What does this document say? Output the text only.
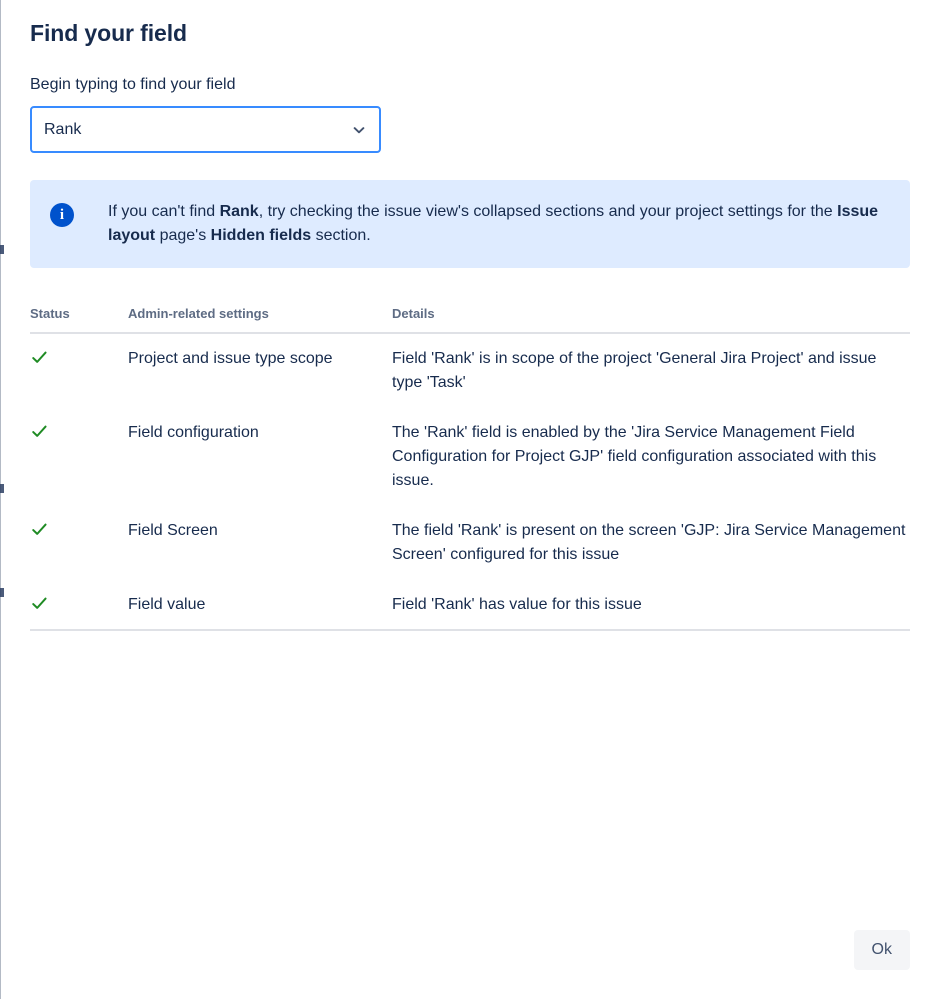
Find your field
Begin typing to find your field
Rank
i	If you can't find Rank, try checking the issue view's collapsed sections and your project settings for the Issue layout page's Hidden fields section.
Status	Admin-related settings	Details

	Project and issue type scope	Field 'Rank' is in scope of the project 'General Jira Project' and issue type 'Task'

	Field configuration	The 'Rank' field is enabled by the 'Jira Service Management Field Configuration for Project GJP' field configuration associated with this issue.

	Field Screen	The field 'Rank' is present on the screen 'GJP: Jira Service Management Screen' configured for this issue

	Field value	Field 'Rank' has value for this issue
Ok
